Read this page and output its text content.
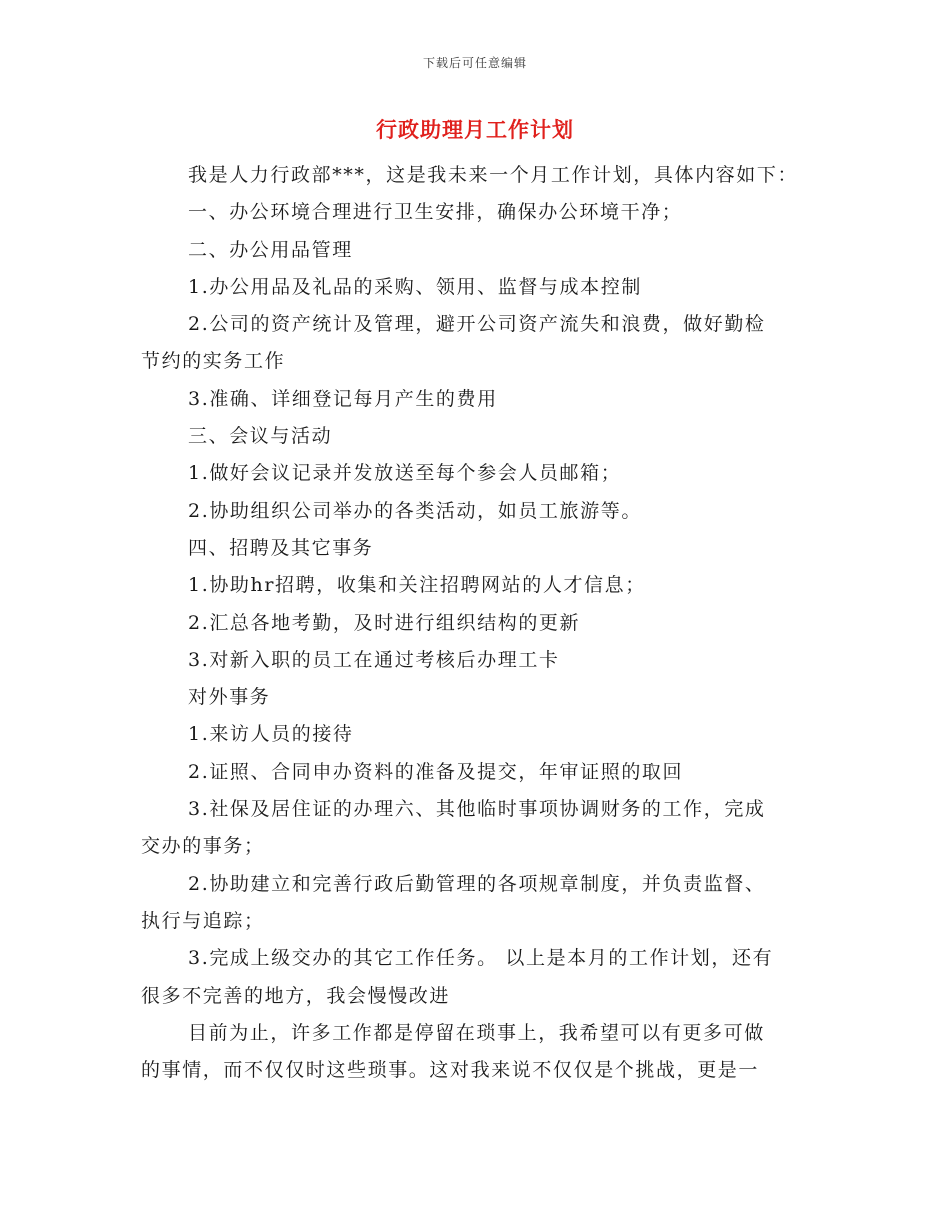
下载后可任意编辑
行政助理月工作计划
我是人力行政部***，这是我未来一个月工作计划，具体内容如下：
一、办公环境合理进行卫生安排，确保办公环境干净；
二、办公用品管理
1.办公用品及礼品的采购、领用、监督与成本控制
2.公司的资产统计及管理，避开公司资产流失和浪费，做好勤检
节约的实务工作
3.准确、详细登记每月产生的费用
三、会议与活动
1.做好会议记录并发放送至每个参会人员邮箱；
2.协助组织公司举办的各类活动，如员工旅游等。
四、招聘及其它事务
1.协助hr招聘，收集和关注招聘网站的人才信息；
2.汇总各地考勤，及时进行组织结构的更新
3.对新入职的员工在通过考核后办理工卡
对外事务
1.来访人员的接待
2.证照、合同申办资料的准备及提交，年审证照的取回
3.社保及居住证的办理六、其他临时事项协调财务的工作，完成
交办的事务；
2.协助建立和完善行政后勤管理的各项规章制度，并负责监督、
执行与追踪；
3.完成上级交办的其它工作任务。 以上是本月的工作计划，还有
很多不完善的地方，我会慢慢改进
目前为止，许多工作都是停留在琐事上，我希望可以有更多可做
的事情，而不仅仅时这些琐事。这对我来说不仅仅是个挑战，更是一
